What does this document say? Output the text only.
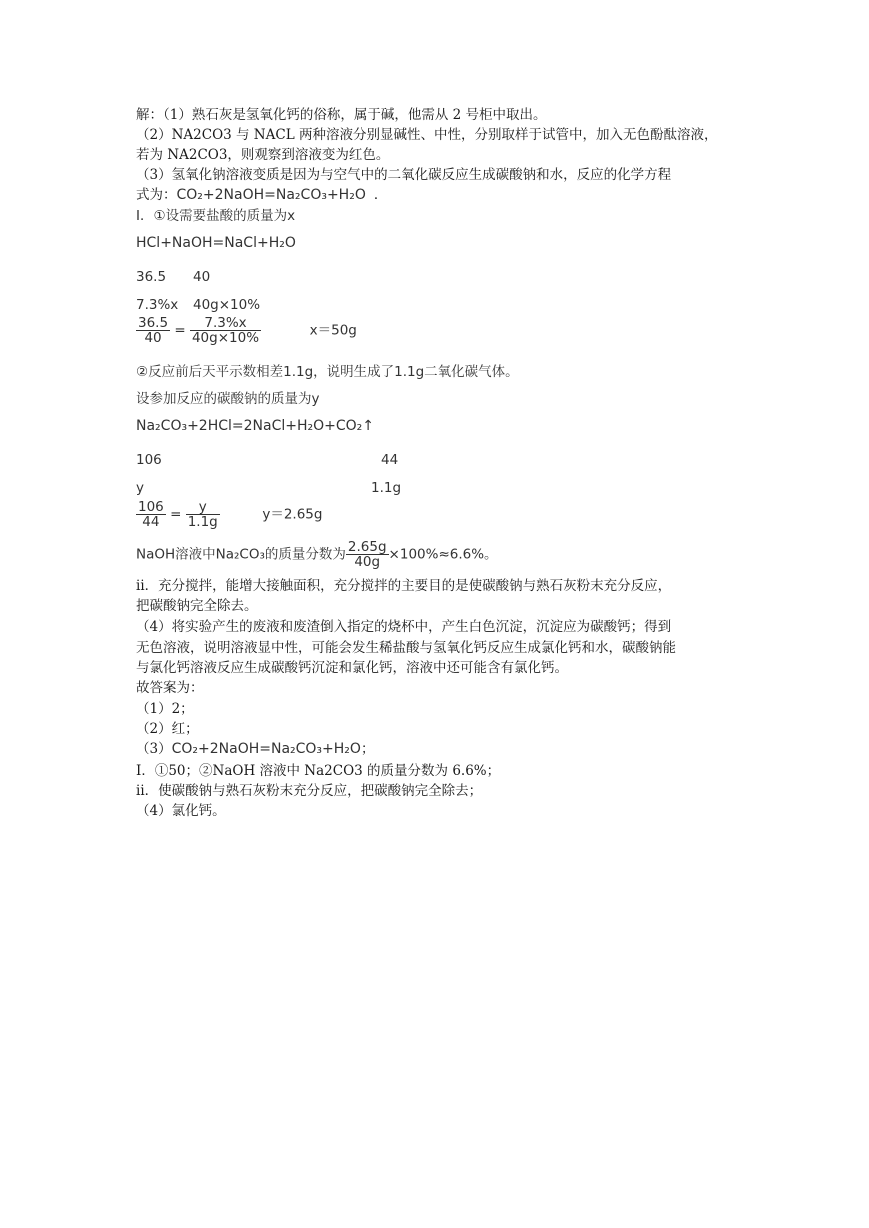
解：（1）熟石灰是氢氧化钙的俗称，属于碱，他需从 2 号柜中取出。
（2）NA2CO3 与 NACL 两种溶液分别显碱性、中性，分别取样于试管中，加入无色酚酞溶液，
若为 NA2CO3，则观察到溶液变为红色。
（3）氢氧化钠溶液变质是因为与空气中的二氧化碳反应生成碳酸钠和水，反应的化学方程
式为：CO₂+2NaOH=Na₂CO₃+H₂O ．
Ⅰ．①设需要盐酸的质量为x
HCl+NaOH=NaCl+H₂O
36.5 40
7.3%x 40g×10%
$\frac{36.5}{40} = \frac{7.3\%x}{40g\times 10\%}$	x＝50g
②反应前后天平示数相差1.1g，说明生成了1.1g二氧化碳气体。
设参加反应的碳酸钠的质量为y
Na₂CO₃+2HCl=2NaCl+H₂O+CO₂↑
106	44
y	1.1g
$\frac{106}{44} = \frac{y}{1.1g}$	y＝2.65g
NaOH溶液中Na₂CO₃的质量分数为 $\frac{2.65g}{40g} \times 100\%\approx 6.6\%$。
ⅱ．充分搅拌，能增大接触面积，充分搅拌的主要目的是使碳酸钠与熟石灰粉末充分反应，
把碳酸钠完全除去。
（4）将实验产生的废液和废渣倒入指定的烧杯中，产生白色沉淀，沉淀应为碳酸钙；得到
无色溶液，说明溶液显中性，可能会发生稀盐酸与氢氧化钙反应生成氯化钙和水，碳酸钠能
与氯化钙溶液反应生成碳酸钙沉淀和氯化钙，溶液中还可能含有氯化钙。
故答案为：
（1）2；
（2）红；
（3）CO₂+2NaOH=Na₂CO₃+H₂O；
Ⅰ．①50；②NaOH 溶液中 Na2CO3 的质量分数为 6.6%；
ⅱ．使碳酸钠与熟石灰粉末充分反应，把碳酸钠完全除去；
（4）氯化钙。
